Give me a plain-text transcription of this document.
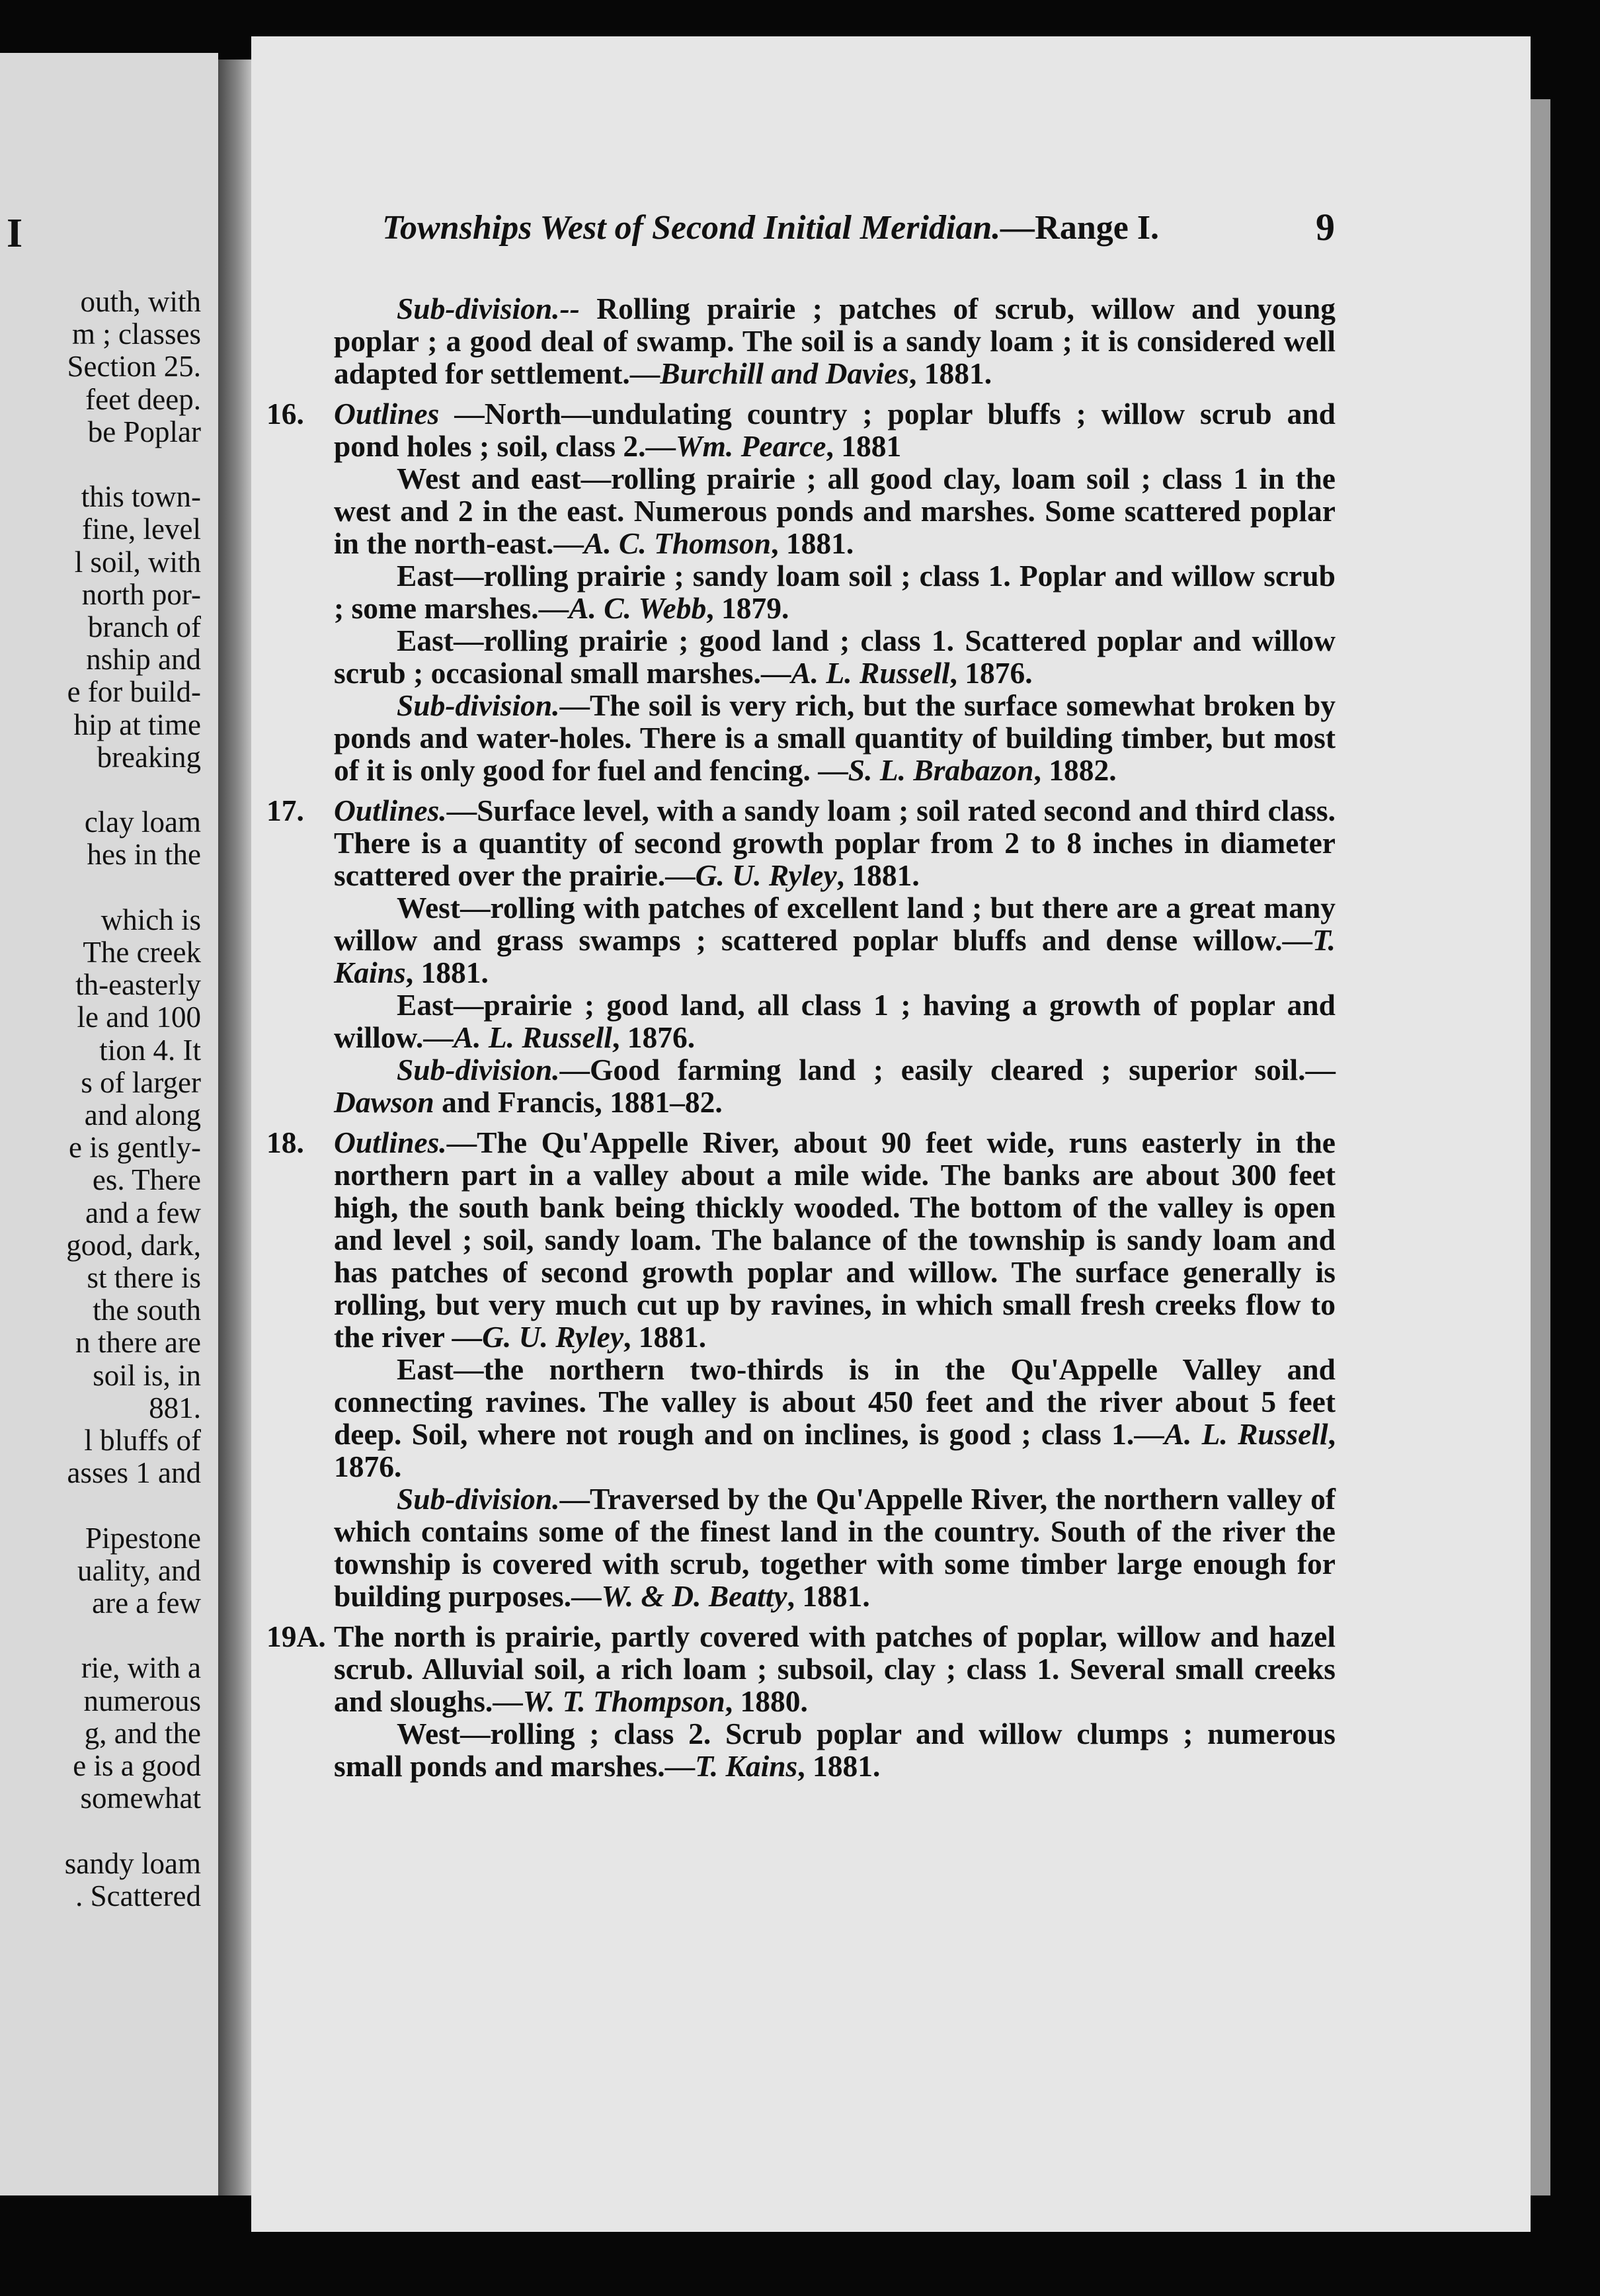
I
outh, with
m ; classes
Section 25.
feet deep.
be Poplar
this town-
fine, level
l soil, with
north por-
branch of
nship and
e for build-
hip at time
breaking
clay loam
hes in the
which is
The creek
th-easterly
le and 100
tion 4. It
s of larger
and along
e is gently-
es. There
and a few
good, dark,
st there is
the south
n there are
soil is, in
881.
l bluffs of
asses 1 and
Pipestone
uality, and
are a few
rie, with a
numerous
g, and the
e is a good
somewhat
sandy loam
. Scattered
Townships West of Second Initial Meridian.—Range I.	9

Sub-division.-- Rolling prairie ; patches of scrub, willow and young poplar ; a good deal of swamp. The soil is a sandy loam ; it is considered well adapted for settlement.—Burchill and Davies, 1881.

16. Outlines —North—undulating country ; poplar bluffs ; willow scrub and pond holes ; soil, class 2.—Wm. Pearce, 1881

West and east—rolling prairie ; all good clay, loam soil ; class 1 in the west and 2 in the east. Numerous ponds and marshes. Some scattered poplar in the north-east.—A. C. Thomson, 1881.

East—rolling prairie ; sandy loam soil ; class 1. Poplar and willow scrub ; some marshes.—A. C. Webb, 1879.

East—rolling prairie ; good land ; class 1. Scattered poplar and willow scrub ; occasional small marshes.—A. L. Russell, 1876.

Sub-division.—The soil is very rich, but the surface somewhat broken by ponds and water-holes. There is a small quantity of building timber, but most of it is only good for fuel and fencing. —S. L. Brabazon, 1882.

17. Outlines.—Surface level, with a sandy loam ; soil rated second and third class. There is a quantity of second growth poplar from 2 to 8 inches in diameter scattered over the prairie.—G. U. Ryley, 1881.

West—rolling with patches of excellent land ; but there are a great many willow and grass swamps ; scattered poplar bluffs and dense willow.—T. Kains, 1881.

East—prairie ; good land, all class 1 ; having a growth of poplar and willow.—A. L. Russell, 1876.

Sub-division.—Good farming land ; easily cleared ; superior soil.—Dawson and Francis, 1881–82.

18. Outlines.—The Qu'Appelle River, about 90 feet wide, runs easterly in the northern part in a valley about a mile wide. The banks are about 300 feet high, the south bank being thickly wooded. The bottom of the valley is open and level ; soil, sandy loam. The balance of the township is sandy loam and has patches of second growth poplar and willow. The surface generally is rolling, but very much cut up by ravines, in which small fresh creeks flow to the river —G. U. Ryley, 1881.

East—the northern two-thirds is in the Qu'Appelle Valley and connecting ravines. The valley is about 450 feet and the river about 5 feet deep. Soil, where not rough and on inclines, is good ; class 1.—A. L. Russell, 1876.

Sub-division.—Traversed by the Qu'Appelle River, the northern valley of which contains some of the finest land in the country. South of the river the township is covered with scrub, together with some timber large enough for building purposes.—W. & D. Beatty, 1881.

19A. The north is prairie, partly covered with patches of poplar, willow and hazel scrub. Alluvial soil, a rich loam ; subsoil, clay ; class 1. Several small creeks and sloughs.—W. T. Thompson, 1880.

West—rolling ; class 2. Scrub poplar and willow clumps ; numerous small ponds and marshes.—T. Kains, 1881.
